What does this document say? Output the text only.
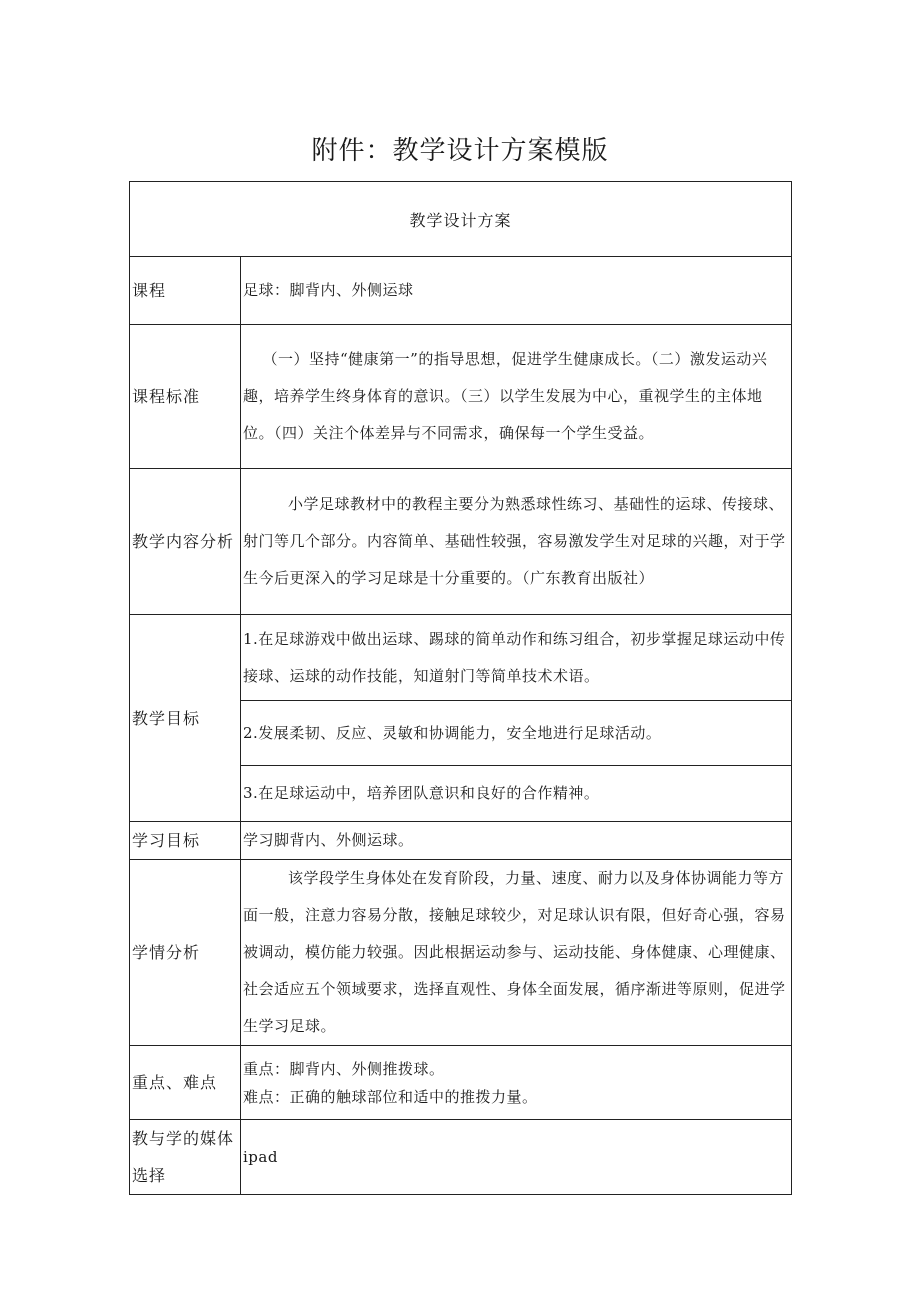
附件：教学设计方案模版
教学设计方案	
课程	足球：脚背内、外侧运球
课程标准	（一）坚持“健康第一”的指导思想，促进学生健康成长。（二）激发运动兴趣，培养学生终身体育的意识。（三）以学生发展为中心，重视学生的主体地位。（四）关注个体差异与不同需求，确保每一个学生受益。
教学内容分析	小学足球教材中的教程主要分为熟悉球性练习、基础性的运球、传接球、射门等几个部分。内容简单、基础性较强，容易激发学生对足球的兴趣，对于学生今后更深入的学习足球是十分重要的。（广东教育出版社）
教学目标	1.在足球游戏中做出运球、踢球的简单动作和练习组合，初步掌握足球运动中传接球、运球的动作技能，知道射门等简单技术术语。
	2.发展柔韧、反应、灵敏和协调能力，安全地进行足球活动。
	3.在足球运动中，培养团队意识和良好的合作精神。
学习目标	学习脚背内、外侧运球。
学情分析	该学段学生身体处在发育阶段，力量、速度、耐力以及身体协调能力等方面一般，注意力容易分散，接触足球较少，对足球认识有限，但好奇心强，容易被调动，模仿能力较强。因此根据运动参与、运动技能、身体健康、心理健康、社会适应五个领域要求，选择直观性、身体全面发展，循序渐进等原则，促进学生学习足球。
重点、难点	重点：脚背内、外侧推拨球。
难点：正确的触球部位和适中的推拨力量。

教与学的媒体选择	ipad
